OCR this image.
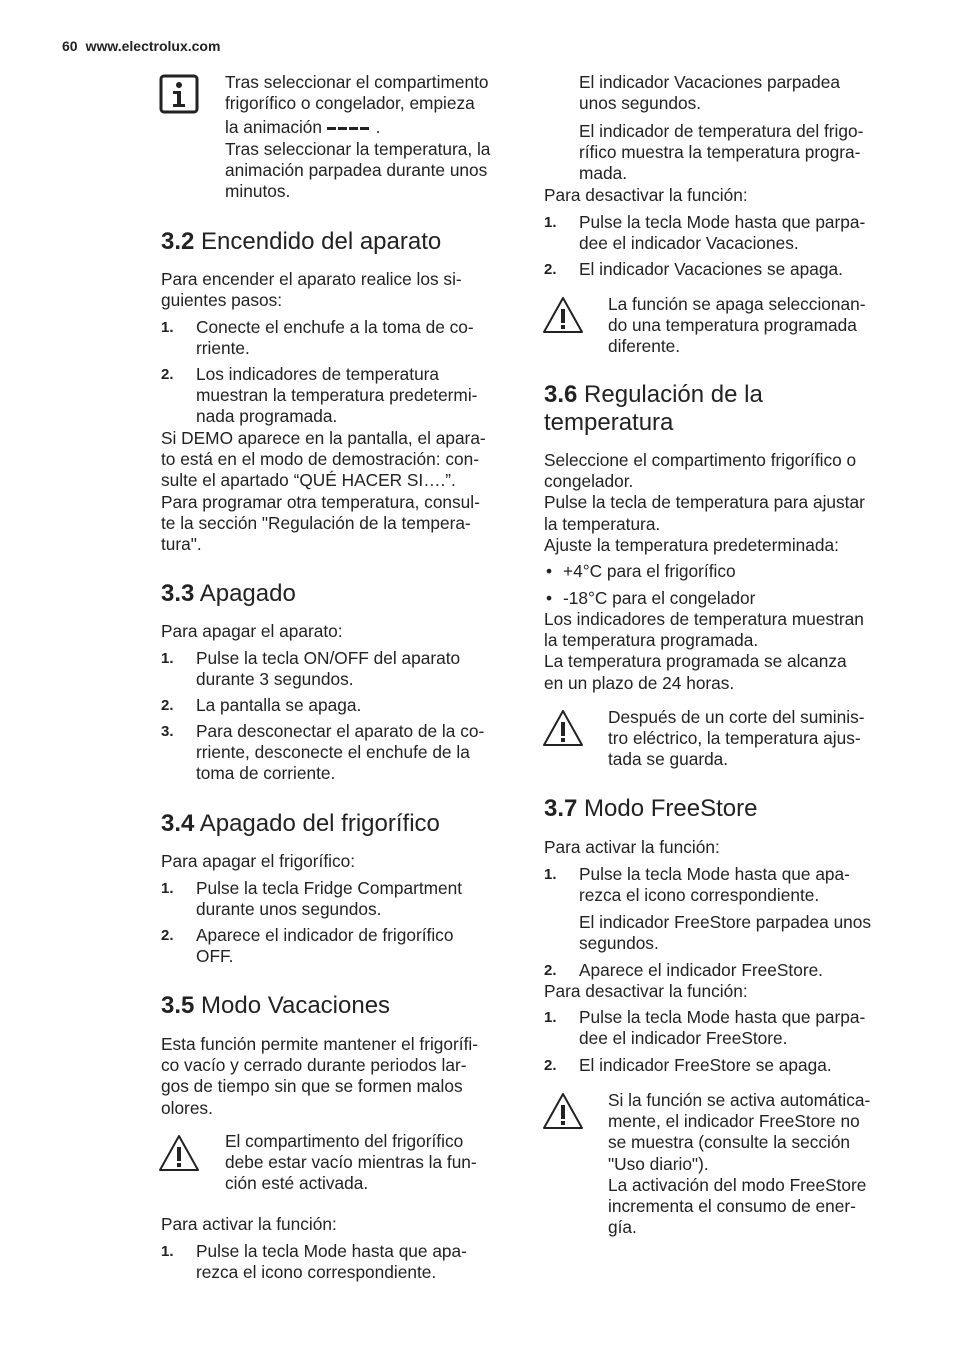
60 www.electrolux.com

Tras seleccionar el compartimento

frigorífico o congelador, empieza

la animación	.

Tras seleccionar la temperatura, la

animación parpadea durante unos

minutos.

3.2 Encendido del aparato

Para encender el aparato realice los si-

guientes pasos:

1. Conecte el enchufe a la toma de co-
rriente.
2. Los indicadores de temperatura
muestran la temperatura predetermi-
nada programada.

Si DEMO aparece en la pantalla, el apara-

to está en el modo de demostración: con-

sulte el apartado “QUÉ HACER SI….”.

Para programar otra temperatura, consul-

te la sección "Regulación de la tempera-

tura".

3.3 Apagado

Para apagar el aparato:

1. Pulse la tecla ON/OFF del aparato
durante 3 segundos.
2. La pantalla se apaga.
3. Para desconectar el aparato de la co-
rriente, desconecte el enchufe de la
toma de corriente.
3.4 Apagado del frigorífico

Para apagar el frigorífico:

1. Pulse la tecla Fridge Compartment
durante unos segundos.
2. Aparece el indicador de frigorífico
OFF.
3.5 Modo Vacaciones

Esta función permite mantener el frigorífi-

co vacío y cerrado durante periodos lar-

gos de tiempo sin que se formen malos

olores.

El compartimento del frigorífico

debe estar vacío mientras la fun-

ción esté activada.

Para activar la función:

1. Pulse la tecla Mode hasta que apa-
rezca el icono correspondiente.

El indicador Vacaciones parpadea

unos segundos.

El indicador de temperatura del frigo-

rífico muestra la temperatura progra-

mada.

Para desactivar la función:

1. Pulse la tecla Mode hasta que parpa-
dee el indicador Vacaciones.
2. El indicador Vacaciones se apaga.

La función se apaga seleccionan-

do una temperatura programada

diferente.

3.6 Regulación de la
temperatura

Seleccione el compartimento frigorífico o

congelador.

Pulse la tecla de temperatura para ajustar

la temperatura.

Ajuste la temperatura predeterminada:

• +4°C para el frigorífico
• -18°C para el congelador

Los indicadores de temperatura muestran

la temperatura programada.

La temperatura programada se alcanza

en un plazo de 24 horas.

Después de un corte del suminis-

tro eléctrico, la temperatura ajus-

tada se guarda.

3.7 Modo FreeStore

Para activar la función:

1. Pulse la tecla Mode hasta que apa-
rezca el icono correspondiente.

El indicador FreeStore parpadea unos

segundos.

2. Aparece el indicador FreeStore.

Para desactivar la función:

1. Pulse la tecla Mode hasta que parpa-
dee el indicador FreeStore.
2. El indicador FreeStore se apaga.

Si la función se activa automática-

mente, el indicador FreeStore no

se muestra (consulte la sección

"Uso diario").

La activación del modo FreeStore

incrementa el consumo de ener-

gía.
